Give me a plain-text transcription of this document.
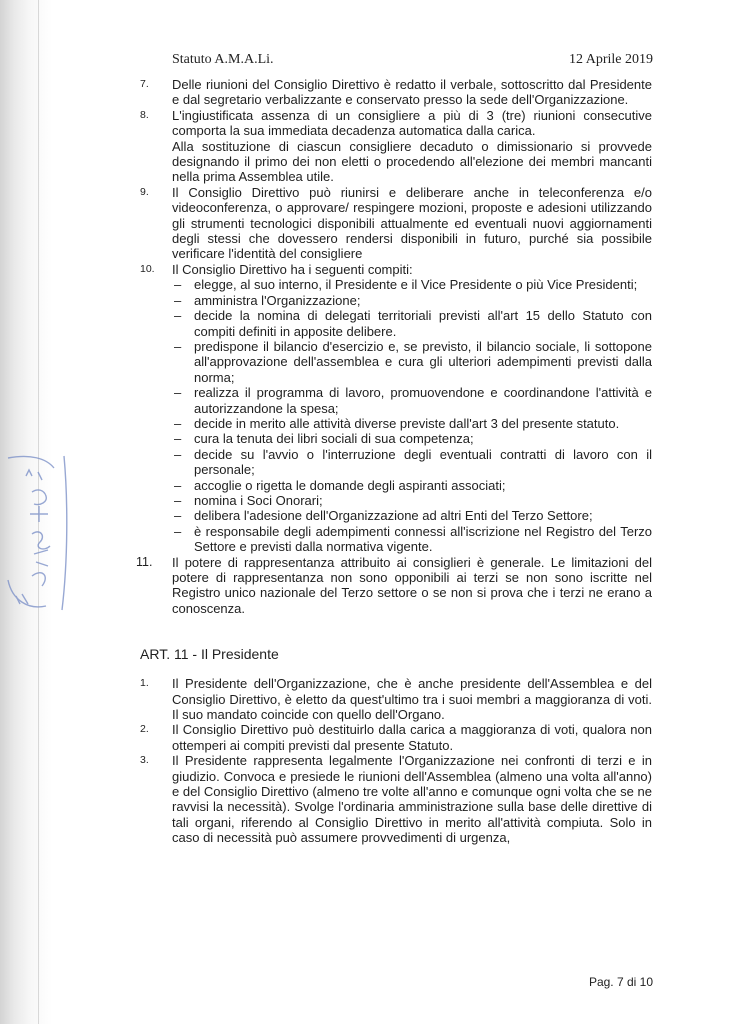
Statuto A.M.A.Li.	12 Aprile 2019
7. Delle riunioni del Consiglio Direttivo è redatto il verbale, sottoscritto dal Presidente e dal segretario verbalizzante e conservato presso la sede dell'Organizzazione.
8. L'ingiustificata assenza di un consigliere a più di 3 (tre) riunioni consecutive comporta la sua immediata decadenza automatica dalla carica.
Alla sostituzione di ciascun consigliere decaduto o dimissionario si provvede designando il primo dei non eletti o procedendo all'elezione dei membri mancanti nella prima Assemblea utile.
9. Il Consiglio Direttivo può riunirsi e deliberare anche in teleconferenza e/o videoconferenza, o approvare/ respingere mozioni, proposte e adesioni utilizzando gli strumenti tecnologici disponibili attualmente ed eventuali nuovi aggiornamenti degli stessi che dovessero rendersi disponibili in futuro, purché sia possibile verificare l'identità del consigliere
10. Il Consiglio Direttivo ha i seguenti compiti:
– elegge, al suo interno, il Presidente e il Vice Presidente o più Vice Presidenti;
– amministra l'Organizzazione;
– decide la nomina di delegati territoriali previsti all'art 15 dello Statuto con compiti definiti in apposite delibere.
– predispone il bilancio d'esercizio e, se previsto, il bilancio sociale, li sottopone all'approvazione dell'assemblea e cura gli ulteriori adempimenti previsti dalla norma;
– realizza il programma di lavoro, promuovendone e coordinandone l'attività e autorizzandone la spesa;
– decide in merito alle attività diverse previste dall'art 3 del presente statuto.
– cura la tenuta dei libri sociali di sua competenza;
– decide su l'avvio o l'interruzione degli eventuali contratti di lavoro con il personale;
– accoglie o rigetta le domande degli aspiranti associati;
– nomina i Soci Onorari;
– delibera l'adesione dell'Organizzazione ad altri Enti del Terzo Settore;
– è responsabile degli adempimenti connessi all'iscrizione nel Registro del Terzo Settore e previsti dalla normativa vigente.
11. Il potere di rappresentanza attribuito ai consiglieri è generale. Le limitazioni del potere di rappresentanza non sono opponibili ai terzi se non sono iscritte nel Registro unico nazionale del Terzo settore o se non si prova che i terzi ne erano a conoscenza.
ART. 11 - Il Presidente
1. Il Presidente dell'Organizzazione, che è anche presidente dell'Assemblea e del Consiglio Direttivo, è eletto da quest'ultimo tra i suoi membri a maggioranza di voti. Il suo mandato coincide con quello dell'Organo.
2. Il Consiglio Direttivo può destituirlo dalla carica a maggioranza di voti, qualora non ottemperi ai compiti previsti dal presente Statuto.
3. Il Presidente rappresenta legalmente l'Organizzazione nei confronti di terzi e in giudizio. Convoca e presiede le riunioni dell'Assemblea (almeno una volta all'anno) e del Consiglio Direttivo (almeno tre volte all'anno e comunque ogni volta che se ne ravvisi la necessità). Svolge l'ordinaria amministrazione sulla base delle direttive di tali organi, riferendo al Consiglio Direttivo in merito all'attività compiuta. Solo in caso di necessità può assumere provvedimenti di urgenza,
Pag. 7 di 10
